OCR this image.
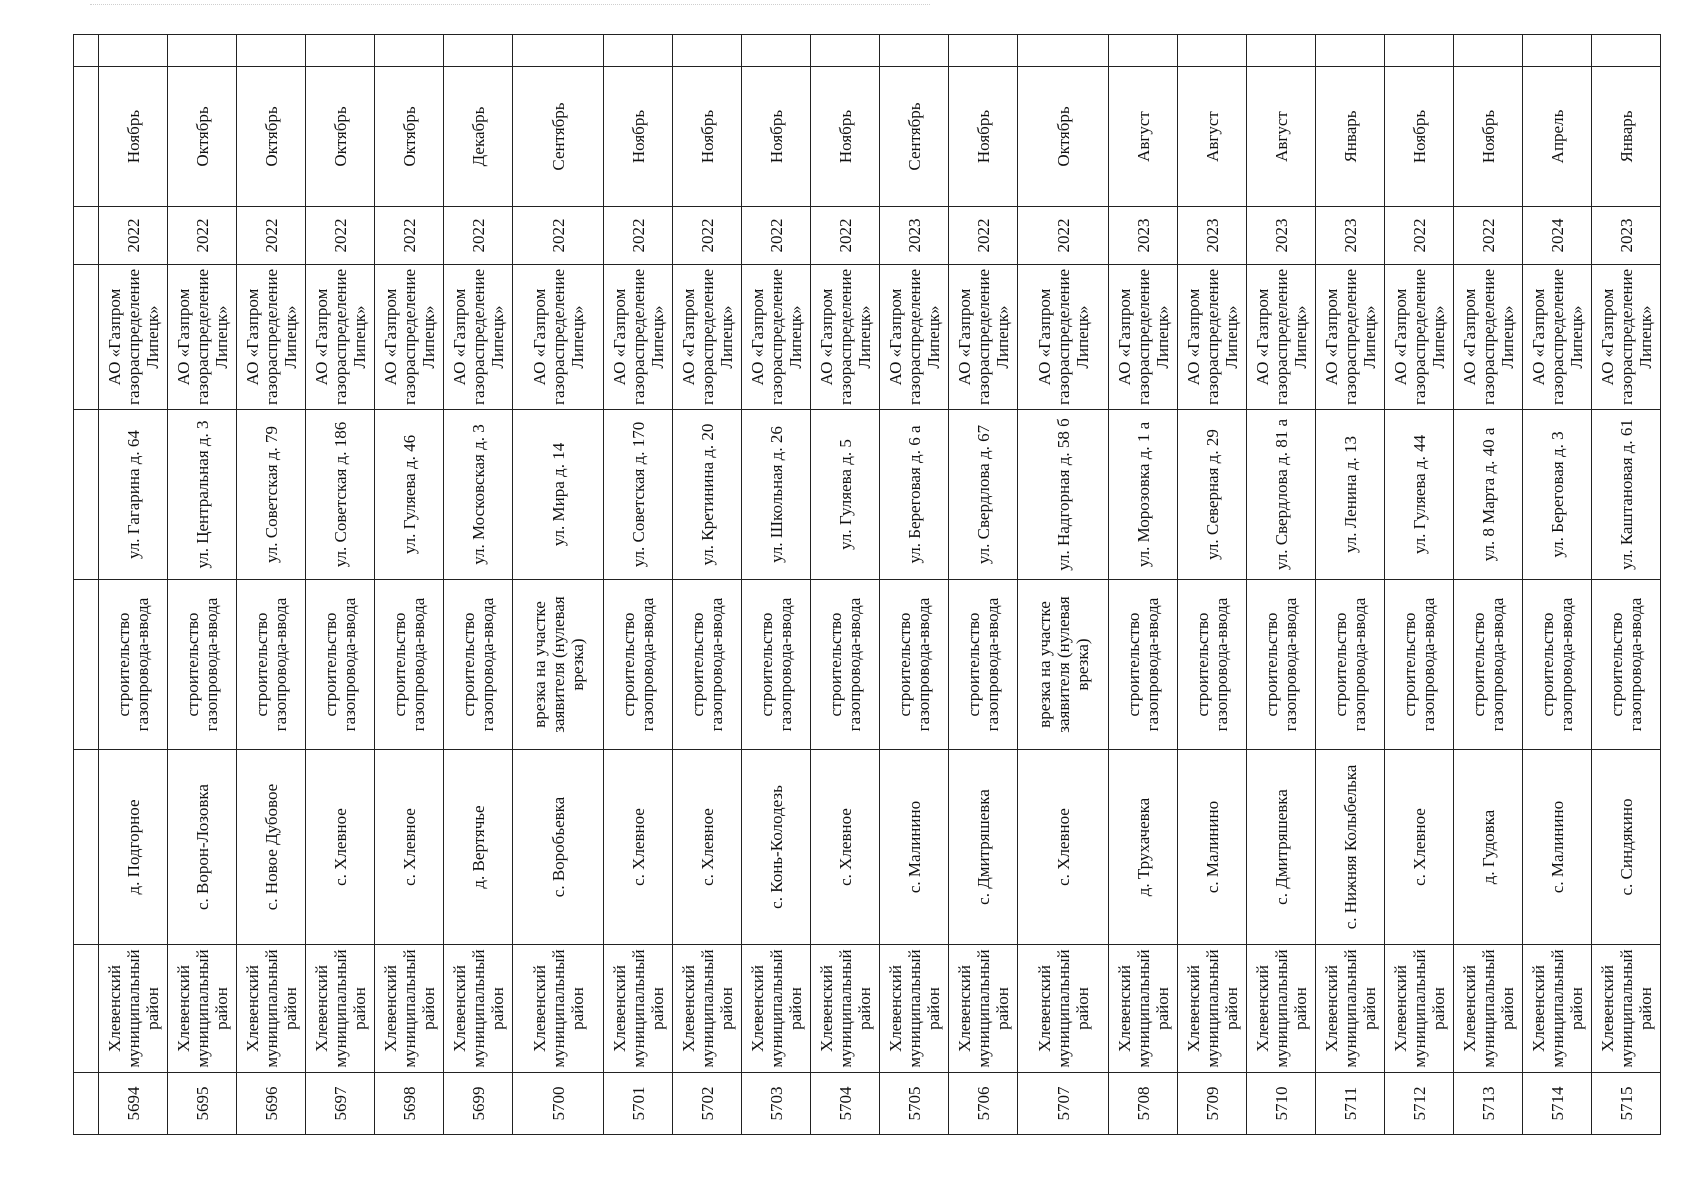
5694	Хлевенский муниципальный район	д. Подгорное	строительство газопровода-ввода	ул. Гагарина д. 64	АО «Газпром газораспределение Липецк»	2022	Ноябрь	
5695	Хлевенский муниципальный район	с. Ворон-Лозовка	строительство газопровода-ввода	ул. Центральная д. 3	АО «Газпром газораспределение Липецк»	2022	Октябрь	
5696	Хлевенский муниципальный район	с. Новое Дубовое	строительство газопровода-ввода	ул. Советская д. 79	АО «Газпром газораспределение Липецк»	2022	Октябрь	
5697	Хлевенский муниципальный район	с. Хлевное	строительство газопровода-ввода	ул. Советская д. 186	АО «Газпром газораспределение Липецк»	2022	Октябрь	
5698	Хлевенский муниципальный район	с. Хлевное	строительство газопровода-ввода	ул. Гуляева д. 46	АО «Газпром газораспределение Липецк»	2022	Октябрь	
5699	Хлевенский муниципальный район	д. Вертячье	строительство газопровода-ввода	ул. Московская д. 3	АО «Газпром газораспределение Липецк»	2022	Декабрь	
5700	Хлевенский муниципальный район	с. Воробьевка	врезка на участке заявителя (нулевая врезка)	ул. Мира д. 14	АО «Газпром газораспределение Липецк»	2022	Сентябрь	
5701	Хлевенский муниципальный район	с. Хлевное	строительство газопровода-ввода	ул. Советская д. 170	АО «Газпром газораспределение Липецк»	2022	Ноябрь	
5702	Хлевенский муниципальный район	с. Хлевное	строительство газопровода-ввода	ул. Кретинина д. 20	АО «Газпром газораспределение Липецк»	2022	Ноябрь	
5703	Хлевенский муниципальный район	с. Конь-Колодезь	строительство газопровода-ввода	ул. Школьная д. 26	АО «Газпром газораспределение Липецк»	2022	Ноябрь	
5704	Хлевенский муниципальный район	с. Хлевное	строительство газопровода-ввода	ул. Гуляева д. 5	АО «Газпром газораспределение Липецк»	2022	Ноябрь	
5705	Хлевенский муниципальный район	с. Малинино	строительство газопровода-ввода	ул. Береговая д. 6 а	АО «Газпром газораспределение Липецк»	2023	Сентябрь	
5706	Хлевенский муниципальный район	с. Дмитряшевка	строительство газопровода-ввода	ул. Свердлова д. 67	АО «Газпром газораспределение Липецк»	2022	Ноябрь	
5707	Хлевенский муниципальный район	с. Хлевное	врезка на участке заявителя (нулевая врезка)	ул. Надгорная д. 58 б	АО «Газпром газораспределение Липецк»	2022	Октябрь	
5708	Хлевенский муниципальный район	д. Трухачевка	строительство газопровода-ввода	ул. Морозовка д. 1 а	АО «Газпром газораспределение Липецк»	2023	Август	
5709	Хлевенский муниципальный район	с. Малинино	строительство газопровода-ввода	ул. Северная д. 29	АО «Газпром газораспределение Липецк»	2023	Август	
5710	Хлевенский муниципальный район	с. Дмитряшевка	строительство газопровода-ввода	ул. Свердлова д. 81 а	АО «Газпром газораспределение Липецк»	2023	Август	
5711	Хлевенский муниципальный район	с. Нижняя Колыбелька	строительство газопровода-ввода	ул. Ленина д. 13	АО «Газпром газораспределение Липецк»	2023	Январь	
5712	Хлевенский муниципальный район	с. Хлевное	строительство газопровода-ввода	ул. Гуляева д. 44	АО «Газпром газораспределение Липецк»	2022	Ноябрь	
5713	Хлевенский муниципальный район	д. Гудовка	строительство газопровода-ввода	ул. 8 Марта д. 40 а	АО «Газпром газораспределение Липецк»	2022	Ноябрь	
5714	Хлевенский муниципальный район	с. Малинино	строительство газопровода-ввода	ул. Береговая д. 3	АО «Газпром газораспределение Липецк»	2024	Апрель	
5715	Хлевенский муниципальный район	с. Синдякино	строительство газопровода-ввода	ул. Каштановая д. 61	АО «Газпром газораспределение Липецк»	2023	Январь	
